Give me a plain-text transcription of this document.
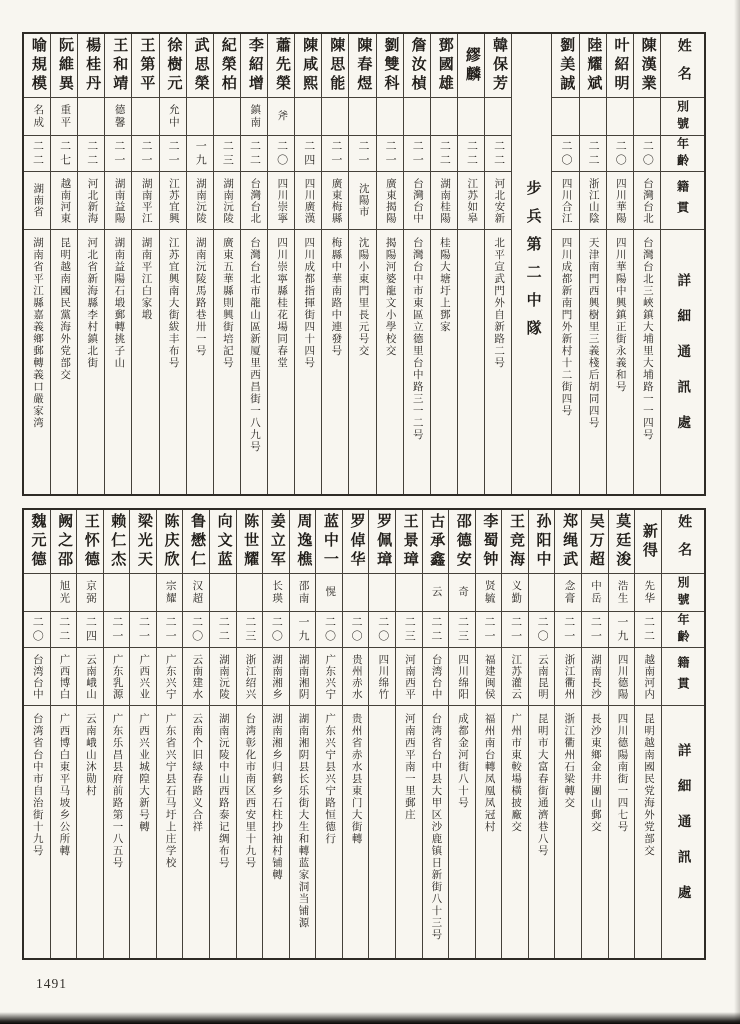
姓名
別號
年齡
籍貫
詳細通訊處
陳漢業
二〇
台灣台北
台灣台北三峽鎮大埔里大埔路一一四号
叶紹明
二〇
四川華陽
四川華陽中興鎮正街永義和号
陸耀斌
二二
浙江山陰
天津南門西興樹里三義棧后胡同四号
劉美誠
二〇
四川合江
四川成都新南門外新村十二街四号
步兵第二中隊
韓保芳
二二
河北安新
北平宣武門外自新路二号
繆麟
二二
江苏如皋
鄧國雄
二二
湖南桂陽
桂陽大塘圩上鄧家
詹汝楨
二一
台灣台中
台灣台中市東區立德里台中路三一二号
劉雙科
二一
廣東揭陽
揭陽河婆龍文小學校交
陳春煜
二一
沈陽市
沈陽小東門里長元号交
陳思能
二一
廣東梅縣
梅縣中華南路中連發号
陳咸熙
二四
四川廣漢
四川成都指揮街四十四号
蕭先榮
斧
二〇
四川崇寧
四川崇寧縣桂花場同春堂
李紹增
鎮南
二二
台灣台北
台灣台北市龍山區新厦里西昌街一八九号
紀榮柏
二三
湖南沅陵
廣東五華縣則興街培記号
武思榮
一九
湖南沅陵
湖南沅陵馬路巷卅一号
徐樹元
允中
二一
江苏宜興
江苏宜興南大街紱丰布号
王第平
二一
湖南平江
湖南平江白家塅
王和靖
德馨
二一
湖南益陽
湖南益陽石塅郵轉挑子山
楊桂丹
二二
河北新海
河北省新海縣李村鎮北街
阮維異
重平
二七
越南河東
昆明越南國民黨海外党部交
喻規模
名成
二二
湖南省
湖南省平江縣嘉義鄉郵轉義口嚴家湾
姓名
別號
年齡
籍貫
詳細通訊處
新得
先华
二二
越南河内
昆明越南國民党海外党部交
莫廷浚
浩生
一九
四川德陽
四川德陽南街一四七号
吴万超
中岳
二一
湖南長沙
長沙東鄉金井團山郵交
郑绳武
念膏
二一
浙江衢州
浙江衢州石梁轉交
孙阳中
二〇
云南昆明
昆明市大富春街通濟巷八号
王竞海
义勤
二一
江苏灌云
广州市東較場橫披廠交
李蜀钟
贤毓
二一
福建闽侯
福州南台轉凤凰凤冠村
邵德安
奇
二三
四川绵阳
成都金河街八十号
古承鑫
云
二二
台湾台中
台湾省台中县大甲区沙鹿镇日新街八十三号
王景璋
二三
河南西平
河南西平南一里郵庄
罗佩璋
二〇
四川绵竹
罗倬华
二〇
贵州赤水
贵州省赤水县東门大街轉
蓝中一
愰
二〇
广东兴宁
广东兴宁县兴宁路恒德行
周逸樵
邵南
一九
湖南湘阴
湖南湘阴县长乐街大生和轉蓝家洞当铺源
姜立军
长瑛
二〇
湖南湘乡
湖南湘乡归鹤乡石柱抄袖村铺轉
陈世耀
二三
浙江绍兴
台湾彰化市南区西安里十九号
向文蓝
二二
湖南沅陵
湖南沅陵中山西路泰记绸布号
鲁懋仁
汉超
二〇
云南建水
云南个旧绿春路义合祥
陈庆欣
宗耀
二一
广东兴宁
广东省兴宁县石马圩上庄学校
梁光天
二一
广西兴业
广西兴业城隍大新号轉
赖仁杰
二一
广东乳源
广东乐昌县府前路第一八五号
王怀德
京弼
二四
云南峨山
云南峨山沐勋村
阙之邵
旭光
二二
广西博白
广西博白東平马坡乡公所轉
魏元德
二〇
台湾台中
台湾省台中市自治街十九号
1491
